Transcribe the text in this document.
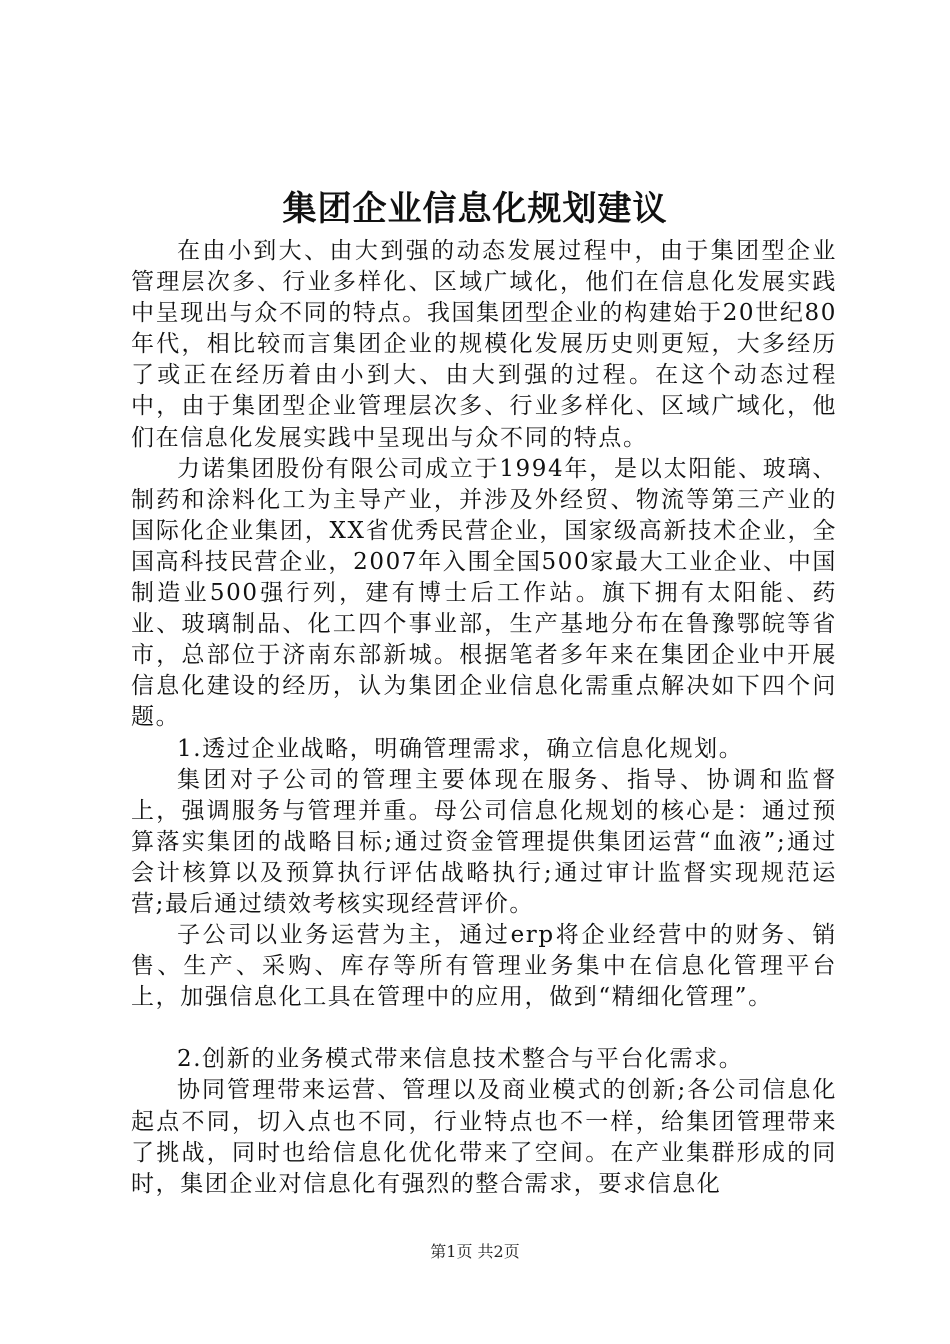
集团企业信息化规划建议

在由小到大、由大到强的动态发展过程中，由于集团型企业管理层次多、行业多样化、区域广域化，他们在信息化发展实践中呈现出与众不同的特点。我国集团型企业的构建始于20世纪80年代，相比较而言集团企业的规模化发展历史则更短，大多经历了或正在经历着由小到大、由大到强的过程。在这个动态过程中，由于集团型企业管理层次多、行业多样化、区域广域化，他们在信息化发展实践中呈现出与众不同的特点。

力诺集团股份有限公司成立于1994年，是以太阳能、玻璃、制药和涂料化工为主导产业，并涉及外经贸、物流等第三产业的国际化企业集团，XX省优秀民营企业，国家级高新技术企业，全国高科技民营企业，2007年入围全国500家最大工业企业、中国制造业500强行列，建有博士后工作站。旗下拥有太阳能、药业、玻璃制品、化工四个事业部，生产基地分布在鲁豫鄂皖等省市，总部位于济南东部新城。根据笔者多年来在集团企业中开展信息化建设的经历，认为集团企业信息化需重点解决如下四个问题。

1.透过企业战略，明确管理需求，确立信息化规划。

集团对子公司的管理主要体现在服务、指导、协调和监督上，强调服务与管理并重。母公司信息化规划的核心是：通过预算落实集团的战略目标;通过资金管理提供集团运营“血液”;通过会计核算以及预算执行评估战略执行;通过审计监督实现规范运营;最后通过绩效考核实现经营评价。

子公司以业务运营为主，通过erp将企业经营中的财务、销售、生产、采购、库存等所有管理业务集中在信息化管理平台上，加强信息化工具在管理中的应用，做到“精细化管理”。

2.创新的业务模式带来信息技术整合与平台化需求。

协同管理带来运营、管理以及商业模式的创新;各公司信息化起点不同，切入点也不同，行业特点也不一样，给集团管理带来了挑战，同时也给信息化优化带来了空间。在产业集群形成的同时，集团企业对信息化有强烈的整合需求，要求信息化

第1页 共2页
